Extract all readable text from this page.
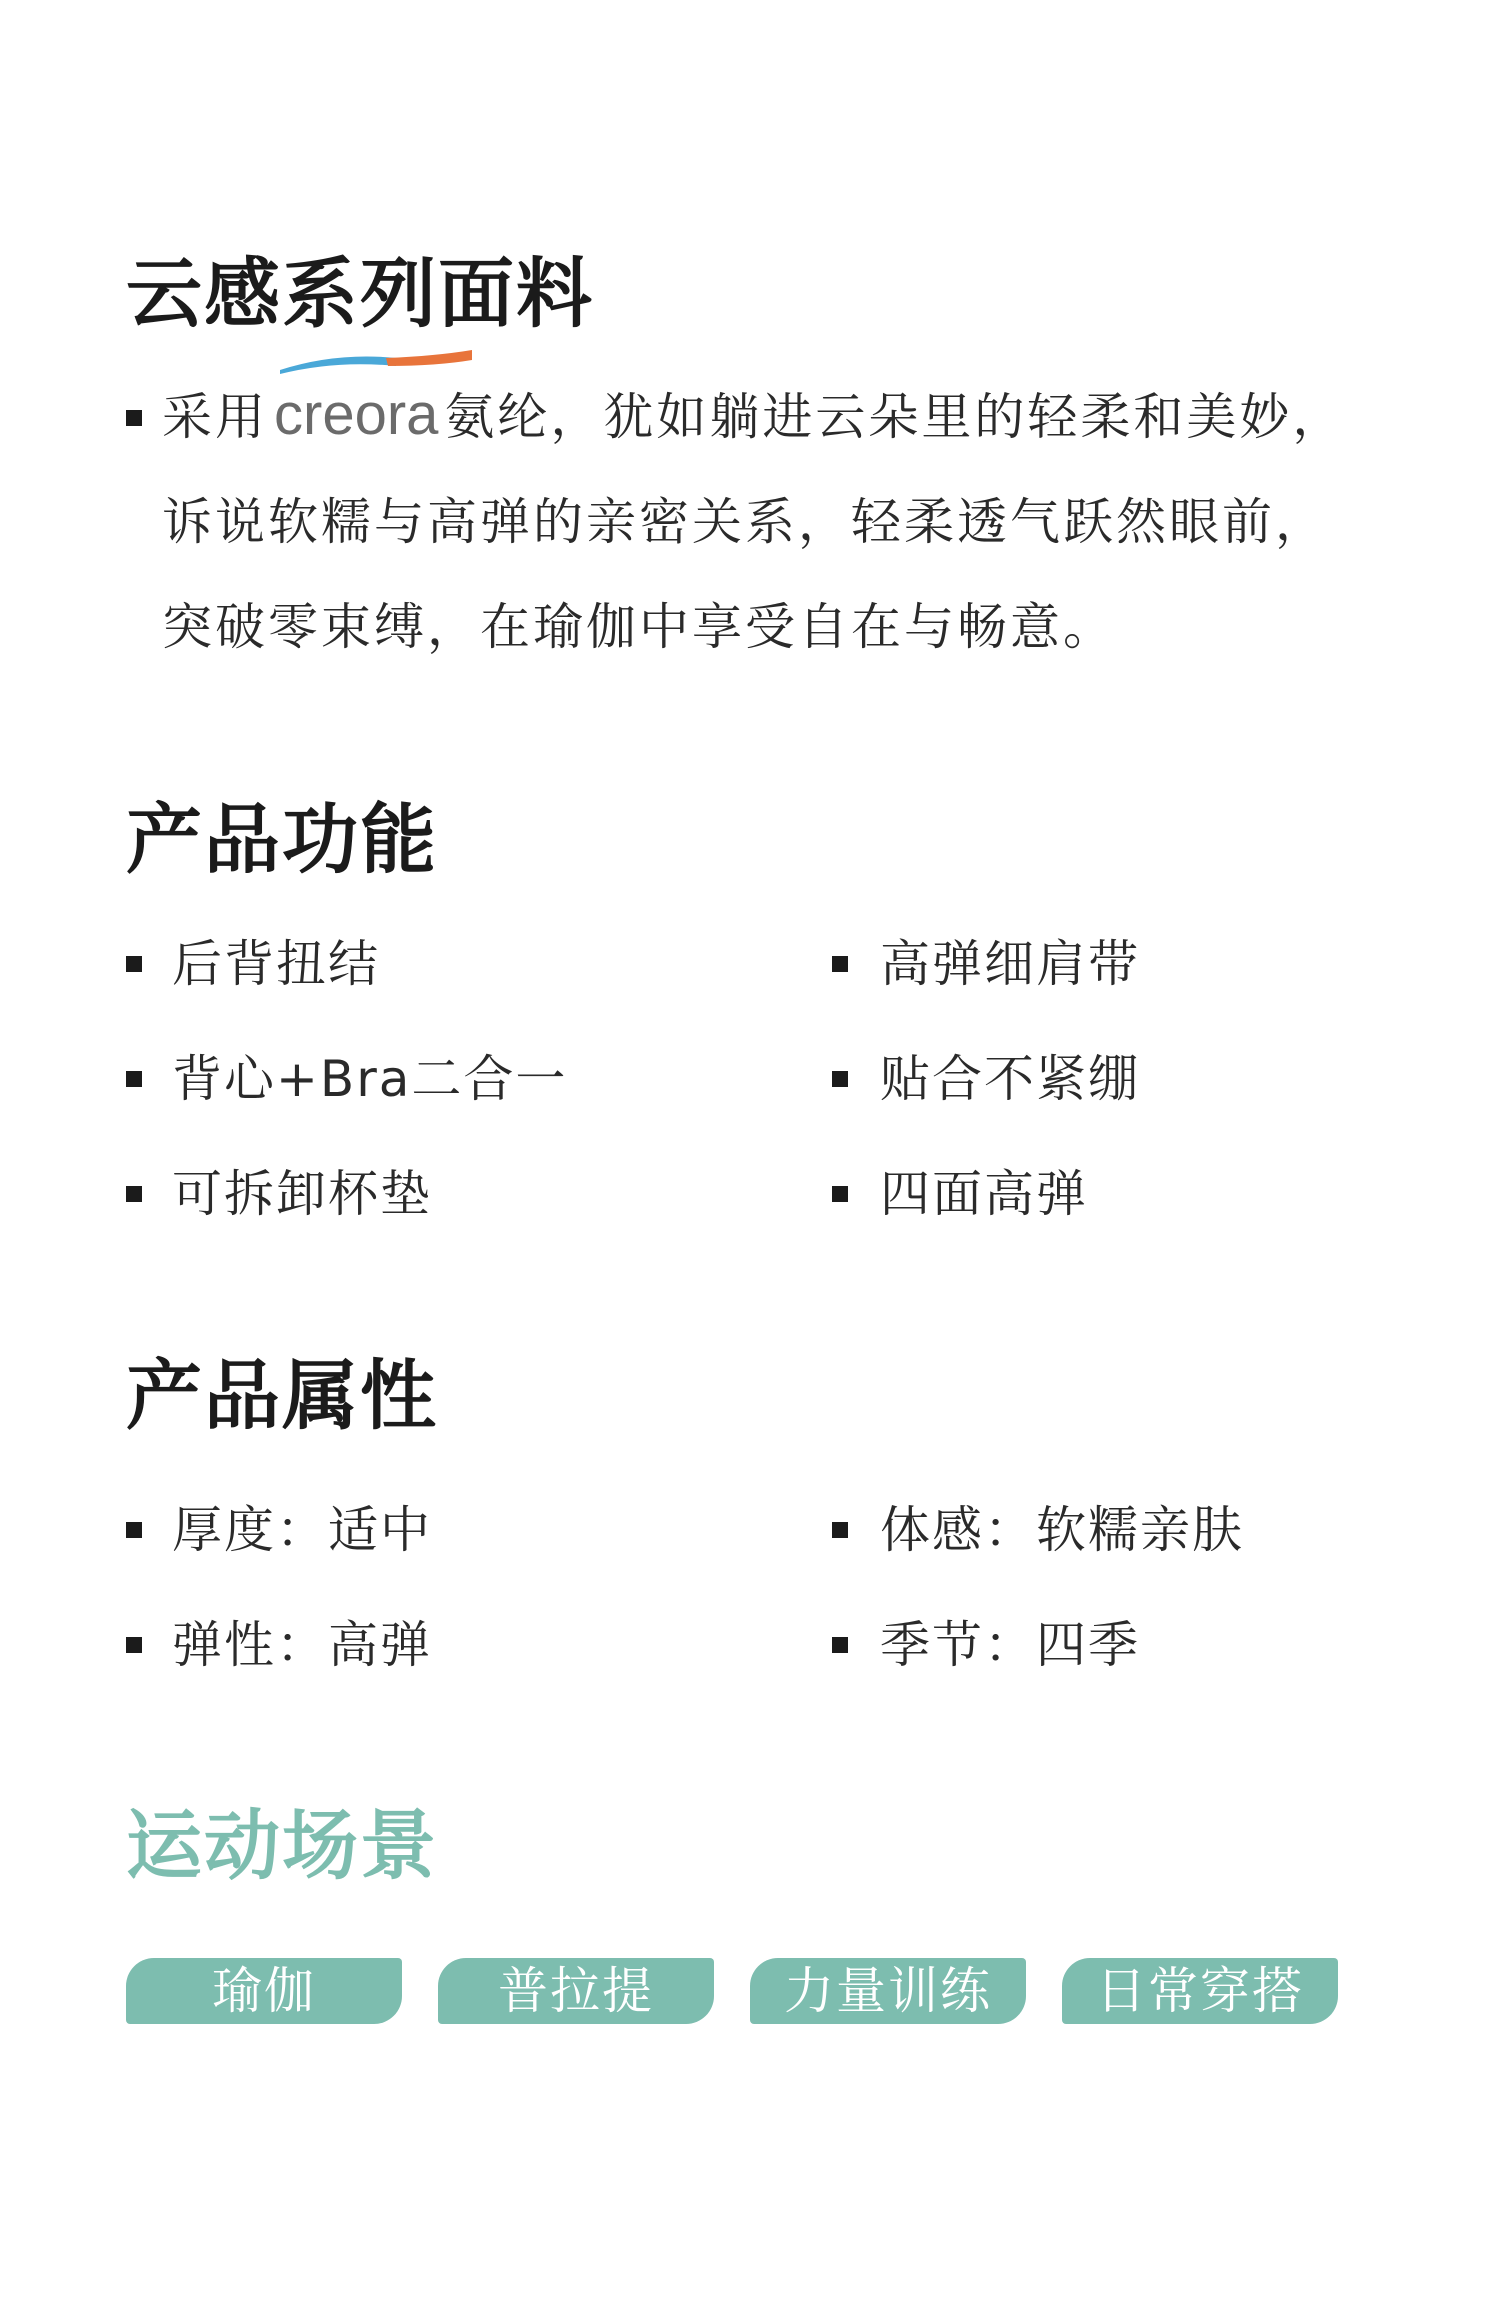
云感系列面料
采用 creora 氨纶，犹如躺进云朵里的轻柔和美妙，
诉说软糯与高弹的亲密关系，轻柔透气跃然眼前，
突破零束缚，在瑜伽中享受自在与畅意。
产品功能
后背扭结	高弹细肩带
背心+Bra二合一	贴合不紧绷
可拆卸杯垫	四面高弹
产品属性
厚度：适中	体感：软糯亲肤
弹性：高弹	季节：四季
运动场景
瑜伽	普拉提	力量训练	日常穿搭
